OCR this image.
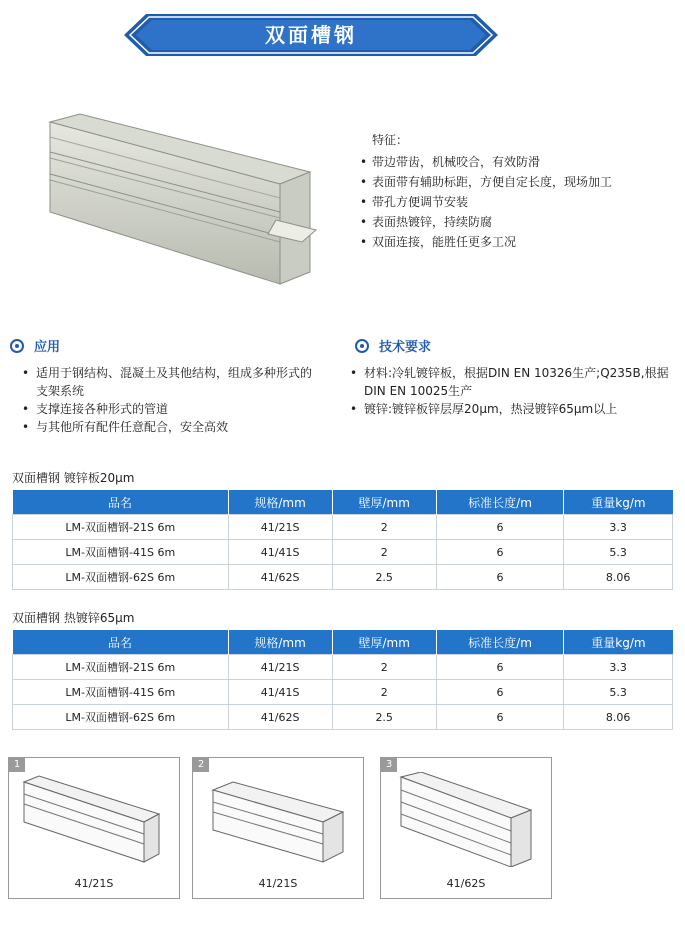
双面槽钢
特征：
• 带边带齿，机械咬合，有效防滑
• 表面带有辅助标距，方便自定长度，现场加工
• 带孔方便调节安装
• 表面热镀锌，持续防腐
• 双面连接，能胜任更多工况
应用
• 适用于钢结构、混凝土及其他结构，组成多种形式的支架系统
• 支撑连接各种形式的管道
• 与其他所有配件任意配合，安全高效
技术要求
• 材料:冷轧镀锌板，根据DIN EN 10326生产;Q235B,根据DIN EN 10025生产
• 镀锌:镀锌板锌层厚20μm，热浸镀锌65μm以上
双面槽钢 镀锌板20μm
品名	规格/mm	壁厚/mm	标准长度/m	重量kg/m
LM-双面槽钢-21S 6m	41/21S	2	6	3.3
LM-双面槽钢-41S 6m	41/41S	2	6	5.3
LM-双面槽钢-62S 6m	41/62S	2.5	6	8.06
双面槽钢 热镀锌65μm
品名	规格/mm	壁厚/mm	标准长度/m	重量kg/m
LM-双面槽钢-21S 6m	41/21S	2	6	3.3
LM-双面槽钢-41S 6m	41/41S	2	6	5.3
LM-双面槽钢-62S 6m	41/62S	2.5	6	8.06
1
41/21S
2
41/21S
3
41/62S
